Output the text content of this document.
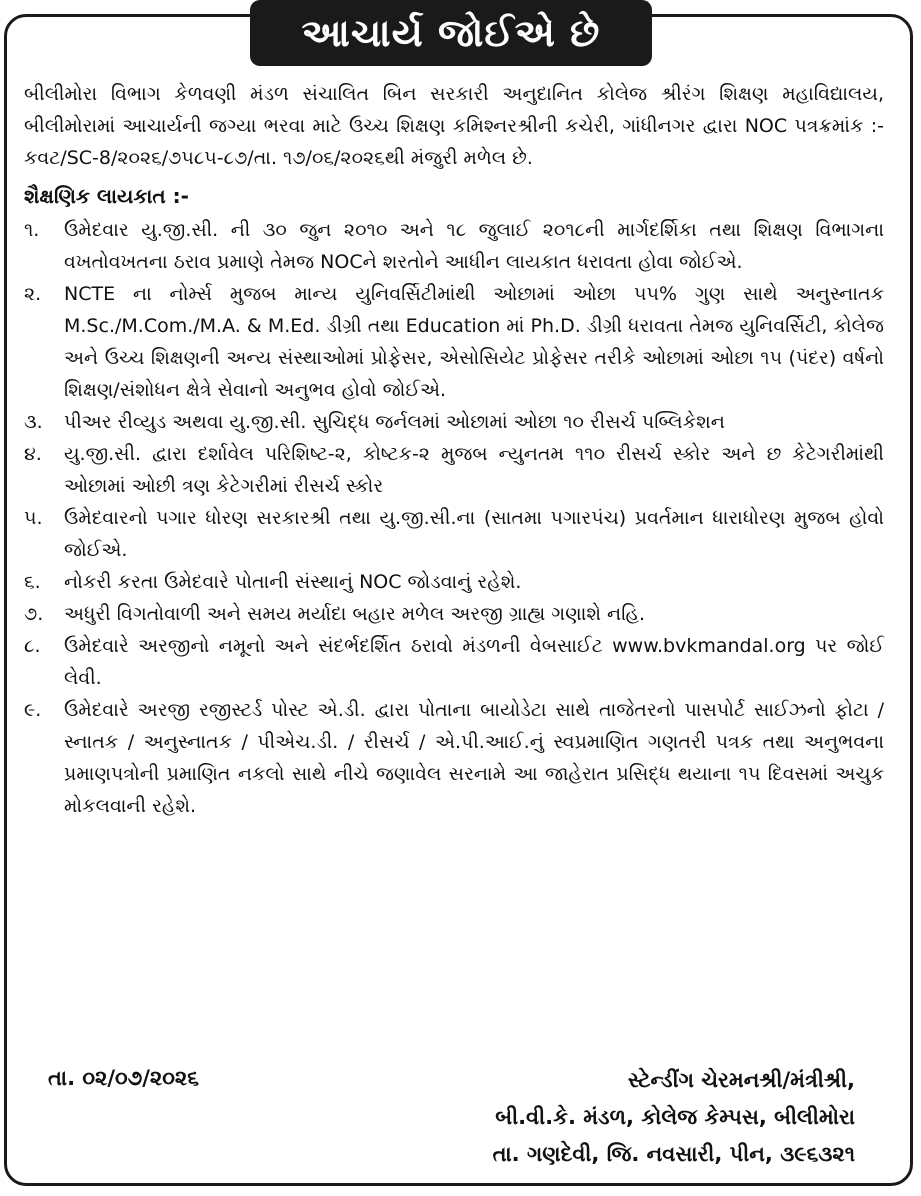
આચાર્ય જોઈએ છે

બીલીમોરા વિભાગ કેળવણી મંડળ સંચાલિત બિન સરકારી અનુદાનિત કોલેજ શ્રીરંગ શિક્ષણ મહાવિદ્યાલય, બીલીમોરામાં આચાર્યની જગ્યા ભરવા માટે ઉચ્ચ શિક્ષણ કમિશ્નરશ્રીની કચેરી, ગાંધીનગર દ્વારા NOC પત્રક્રમાંક :- કવટ/SC-8/૨૦૨૬/૭૫૮૫-૮૭/તા. ૧૭/૦૬/૨૦૨૬થી મંજુરી મળેલ છે.

શૈક્ષણિક લાયકાત :-
૧.	ઉમેદવાર યુ.જી.સી. ની ૩૦ જુન ૨૦૧૦ અને ૧૮ જુલાઈ ૨૦૧૮ની માર્ગદર્શિકા તથા શિક્ષણ વિભાગના વખતોવખતના ઠરાવ પ્રમાણે તેમજ NOCને શરતોને આધીન લાયકાત ધરાવતા હોવા જોઈએ.
૨.	NCTE ના નોર્મ્સ મુજબ માન્ય યુનિવર્સિટીમાંથી ઓછામાં ઓછા ૫૫% ગુણ સાથે અનુસ્નાતક M.Sc./M.Com./M.A. & M.Ed. ડીગ્રી તથા Education માં Ph.D. ડીગ્રી ધરાવતા તેમજ યુનિવર્સિટી, કોલેજ અને ઉચ્ચ શિક્ષણની અન્ય સંસ્થાઓમાં પ્રોફેસર, એસોસિયેટ પ્રોફેસર તરીકે ઓછામાં ઓછા ૧૫ (પંદર) વર્ષનો શિક્ષણ/સંશોધન ક્ષેત્રે સેવાનો અનુભવ હોવો જોઈએ.
૩.	પીઅર રીવ્યુડ અથવા યુ.જી.સી. સુચિદ્ધ જર્નલમાં ઓછામાં ઓછા ૧૦ રીસર્ચ પબ્લિકેશન
૪.	યુ.જી.સી. દ્વારા દર્શાવેલ પરિશિષ્ટ-૨, કોષ્ટક-૨ મુજબ ન્યુનતમ ૧૧૦ રીસર્ચ સ્કોર અને છ કેટેગરીમાંથી ઓછામાં ઓછી ત્રણ કેટેગરીમાં રીસર્ચ સ્કોર
૫.	ઉમેદવારનો પગાર ધોરણ સરકારશ્રી તથા યુ.જી.સી.ના (સાતમા પગારપંચ) પ્રવર્તમાન ધારાધોરણ મુજબ હોવો જોઈએ.
૬.	નોકરી કરતા ઉમેદવારે પોતાની સંસ્થાનું NOC જોડવાનું રહેશે.
૭.	અધુરી વિગતોવાળી અને સમય મર્યાદા બહાર મળેલ અરજી ગ્રાહ્ય ગણાશે નહિ.
૮.	ઉમેદવારે અરજીનો નમૂનો અને સંદર્ભદર્શિત ઠરાવો મંડળની વેબસાઈટ www.bvkmandal.org પર જોઈ લેવી.
૯.	ઉમેદવારે અરજી રજીસ્ટર્ડ પોસ્ટ એ.ડી. દ્વારા પોતાના બાયોડેટા સાથે તાજેતરનો પાસપોર્ટ સાઈઝનો ફોટા / સ્નાતક / અનુસ્નાતક / પીએચ.ડી. / રીસર્ચ / એ.પી.આઈ.નું સ્વપ્રમાણિત ગણતરી પત્રક તથા અનુભવના પ્રમાણપત્રોની પ્રમાણિત નકલો સાથે નીચે જણાવેલ સરનામે આ જાહેરાત પ્રસિદ્ધ થયાના ૧૫ દિવસમાં અચુક મોકલવાની રહેશે.
તા. ૦૨/૦૭/૨૦૨૬	સ્ટેન્ડીંગ ચેરમનશ્રી/મંત્રીશ્રી,
બી.વી.કે. મંડળ, કોલેજ કેમ્પસ, બીલીમોરા
તા. ગણદેવી, જિ. નવસારી, પીન, ૩૯૬૩૨૧
